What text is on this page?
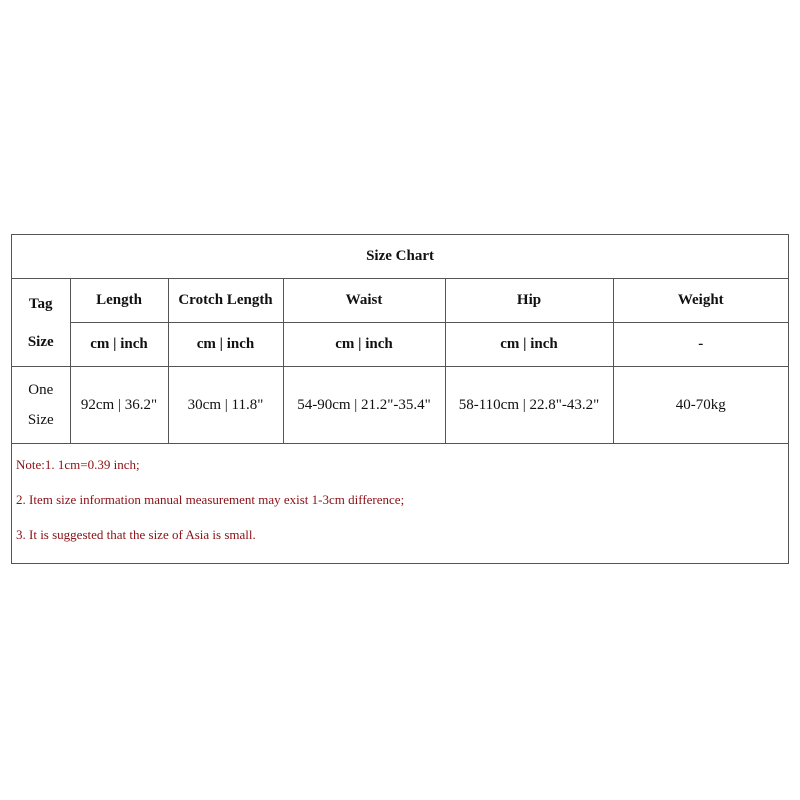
Size Chart					

Tag
Size	Length	Crotch Length	Waist	Hip	Weight
	cm | inch	cm | inch	cm | inch	cm | inch	-

One
Size	92cm | 36.2"	30cm | 11.8"	54-90cm | 21.2"-35.4"	58-110cm | 22.8"-43.2"	40-70kg
Note:1. 1cm=0.39 inch;
2. Item size information manual measurement may exist 1-3cm difference;
3. It is suggested that the size of Asia is small.
